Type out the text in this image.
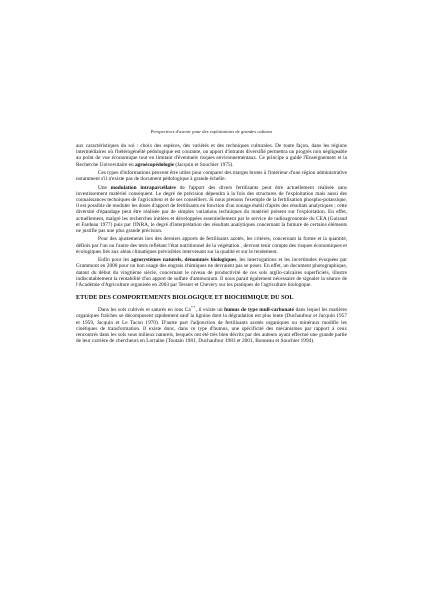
Perspectives d'avenir pour des exploitations de grandes cultures

aux caractéristiques du sol : choix des espèces, des variétés et des techniques culturales. De toute façon, dans les régions intermédiaires où l'hétérogénéité pédologique est courante, un apport d'intrants diversifié permettra un progrès non négligeable au point de vue économique tout en limitant d'éventuels risques environnementaux. Ce principe a guidé l'Enseignement et la Recherche Universitaire en agroécopédologie (Jacquin et Souchier 1975).

Ces types d'informations peuvent être utiles pour comparer des marges brutes à l'intérieur d'une région administrative notamment s'il n'existe pas de document pédologique à grande échelle.

Une modulation intraparcellaire de l'apport des divers fertilisants peut être actuellement réalisée sans investissement matériel conséquent. Le degré de précision dépendra à la fois des structures de l'exploitation mais aussi des connaissances techniques de l'agriculteur et de ses conseillers. Si nous prenons l'exemple de la fertilisation phospho-potassique, il est possible de moduler les doses d'apport de fertilisants en fonction d'un zonage établi d'après des résultats analytiques ; cette diversité d'épandage peut être réalisée par de simples variations techniques du matériel présent sur l'exploitation. En effet, actuellement, malgré les recherches initiées et développées essentiellement par le service de radioagronomie du CEA (Guiraud et Fardeau 1977) puis par l'INRA, le degré d'interprétation des résultats analytiques concernant la fumure de certains éléments ne justifie pas une plus grande précision.

Pour des ajustements lors des derniers apports de fertilisants azotés, les critères, concernant la forme et la quantité, définis par l'un ou l'autre des tests reflétant l'état nutritionnel de la végétation , devront tenir compte des risques économiques et écologiques liés aux aléas climatiques prévisibles intervenant sur la qualité et sur le rendement.

Enfin pour les agrosystèmes naturels, dénommés biologiques, les interrogations et les incertitudes évoquées par Grammont en 2000 pour un bon usage des engrais chimiques ne devraient pas se poser. En effet, un document photographique, datant du début du vingtième siècle, concernant le niveau de productivité de ces sols argilo-calcaires superficiels, illustre indiscutablement la rentabilité d'un apport de sulfate d'ammonium. Il nous parait également nécessaire de signaler la séance de l'Académie d'Agriculture organisée en 2003 par Tessier et Chevery sur les pratiques de l'agriculture biologique.

ETUDE DES COMPORTEMENTS BIOLOGIQUE ET BIOCHIMIQUE DU SOL

Dans les sols cultivés et saturés en ions Ca++, il existe un humus de type mull-carbonaté dans lequel les matières organiques fraîches se décomposent rapidement sauf la lignine dont la dégradation est plus lente (Duchaufour et Jacquin 1957 et 1959, Jacquin et Le Tacon 1970). D'autre part l'adjonction de fertilisants azotés organiques ou minéraux modifie les cinétiques de transformation. Il existe donc, dans ce type d'humus, une spécificité des mécanismes par rapport à ceux rencontrés dans les sols sous milieux naturels, lesquels ont été très bien décrits par des auteurs ayant effectué une grande partie de leur carrière de chercheurs en Lorraine (Toutain 1981, Duchaufour 1983 et 2001, Bonneau et Souchier 1994).
